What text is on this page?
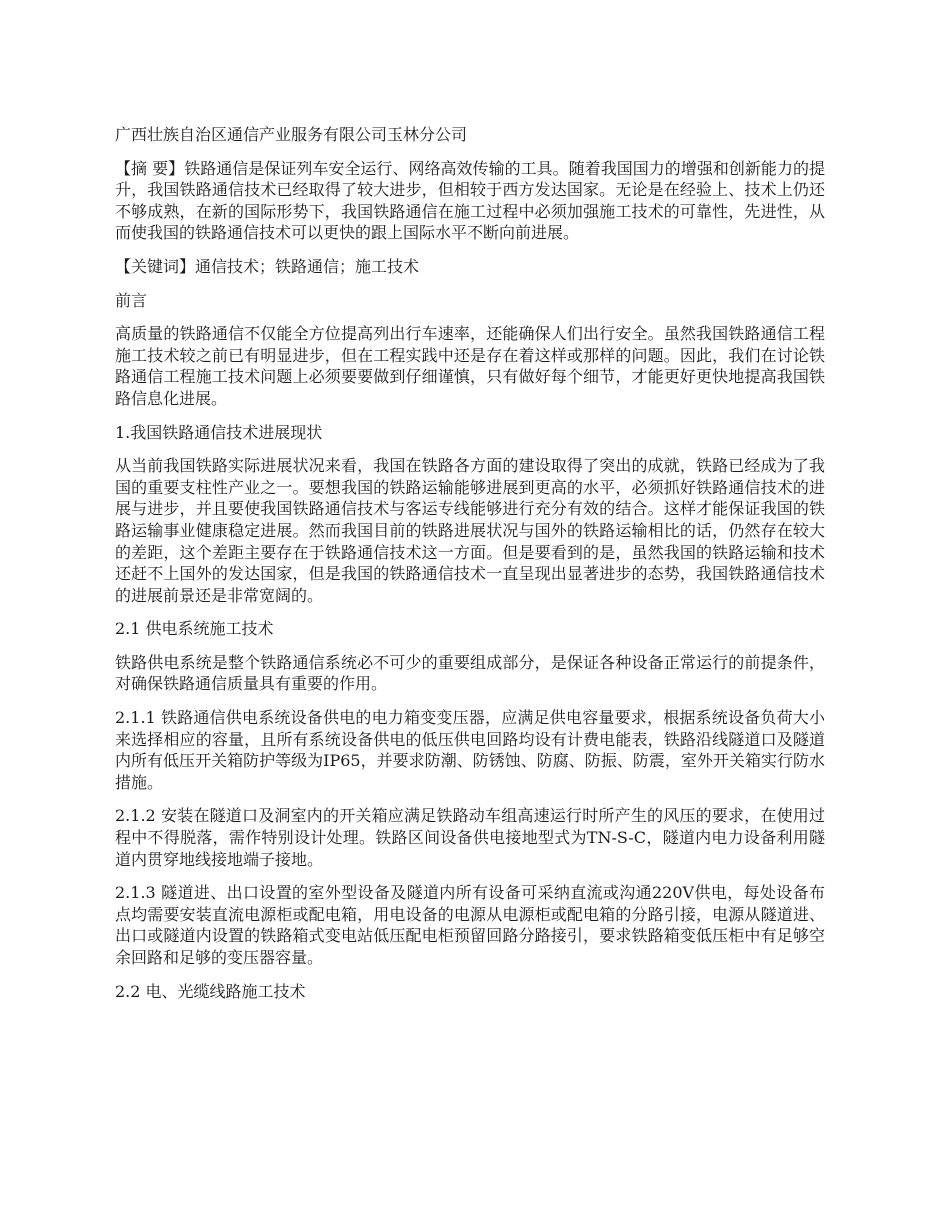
广西壮族自治区通信产业服务有限公司玉林分公司

【摘 要】铁路通信是保证列车安全运行、网络高效传输的工具。随着我国国力的增强和创新能力的提升，我国铁路通信技术已经取得了较大进步，但相较于西方发达国家。无论是在经验上、技术上仍还不够成熟，在新的国际形势下，我国铁路通信在施工过程中必须加强施工技术的可靠性，先进性，从而使我国的铁路通信技术可以更快的跟上国际水平不断向前进展。

【关键词】通信技术；铁路通信；施工技术

前言

高质量的铁路通信不仅能全方位提高列出行车速率，还能确保人们出行安全。虽然我国铁路通信工程施工技术较之前已有明显进步，但在工程实践中还是存在着这样或那样的问题。因此，我们在讨论铁路通信工程施工技术问题上必须要要做到仔细谨慎，只有做好每个细节，才能更好更快地提高我国铁路信息化进展。

1.我国铁路通信技术进展现状

从当前我国铁路实际进展状况来看，我国在铁路各方面的建设取得了突出的成就，铁路已经成为了我国的重要支柱性产业之一。要想我国的铁路运输能够进展到更高的水平，必须抓好铁路通信技术的进展与进步，并且要使我国铁路通信技术与客运专线能够进行充分有效的结合。这样才能保证我国的铁路运输事业健康稳定进展。然而我国目前的铁路进展状况与国外的铁路运输相比的话，仍然存在较大的差距，这个差距主要存在于铁路通信技术这一方面。但是要看到的是，虽然我国的铁路运输和技术还赶不上国外的发达国家，但是我国的铁路通信技术一直呈现出显著进步的态势，我国铁路通信技术的进展前景还是非常宽阔的。

2.1 供电系统施工技术

铁路供电系统是整个铁路通信系统必不可少的重要组成部分，是保证各种设备正常运行的前提条件，对确保铁路通信质量具有重要的作用。

2.1.1 铁路通信供电系统设备供电的电力箱变变压器，应满足供电容量要求，根据系统设备负荷大小来选择相应的容量，且所有系统设备供电的低压供电回路均设有计费电能表，铁路沿线隧道口及隧道内所有低压开关箱防护等级为IP65，并要求防潮、防锈蚀、防腐、防振、防震，室外开关箱实行防水措施。

2.1.2 安装在隧道口及洞室内的开关箱应满足铁路动车组高速运行时所产生的风压的要求，在使用过程中不得脱落，需作特别设计处理。铁路区间设备供电接地型式为TN-S-C，隧道内电力设备利用隧道内贯穿地线接地端子接地。

2.1.3 隧道进、出口设置的室外型设备及隧道内所有设备可采纳直流或沟通220V供电，每处设备布点均需要安装直流电源柜或配电箱，用电设备的电源从电源柜或配电箱的分路引接，电源从隧道进、出口或隧道内设置的铁路箱式变电站低压配电柜预留回路分路接引，要求铁路箱变低压柜中有足够空余回路和足够的变压器容量。

2.2 电、光缆线路施工技术
